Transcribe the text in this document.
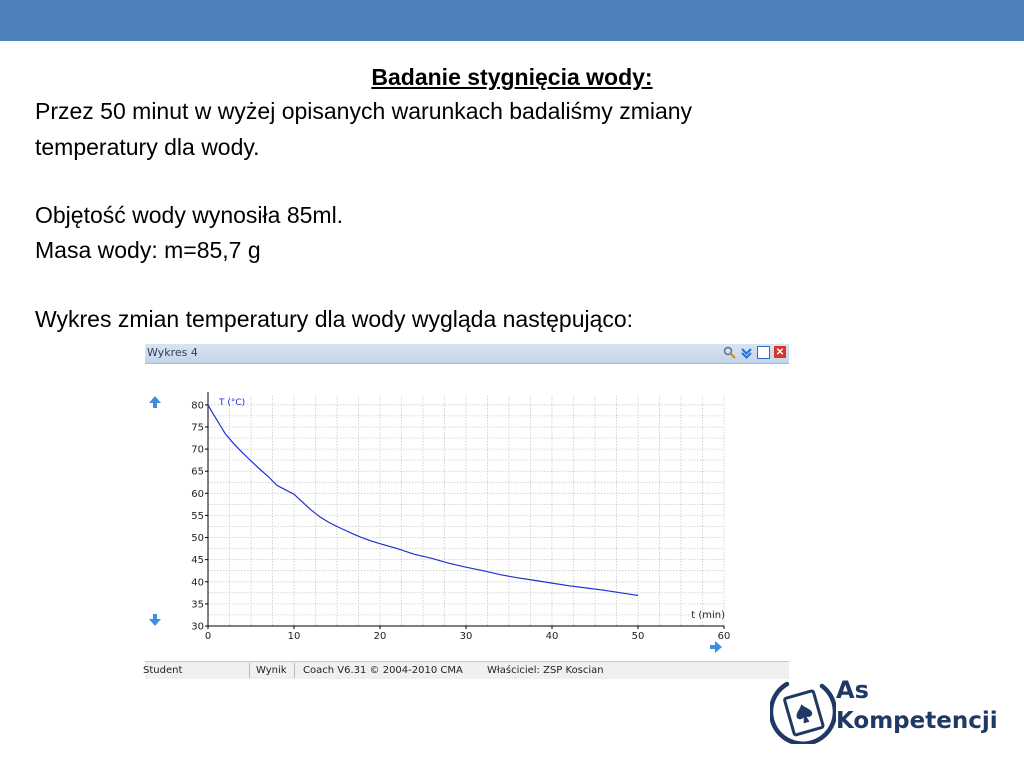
Badanie stygnięcia wody:

Przez 50 minut w wyżej opisanych warunkach badaliśmy zmiany

temperatury dla wody.

Objętość wody wynosiła 85ml.

Masa wody: m=85,7 g

Wykres zmian temperatury dla wody wygląda następująco:

Wykres 4	✕
30
35
40
45
50
55
60
65
70
75
80
0	10	20	30	40	50	60
T (°C)
t (min)
Student	Wynik Coach V6.31 © 2004-2010 CMA Właściciel: ZSP Koscian
As
Kompetencji
